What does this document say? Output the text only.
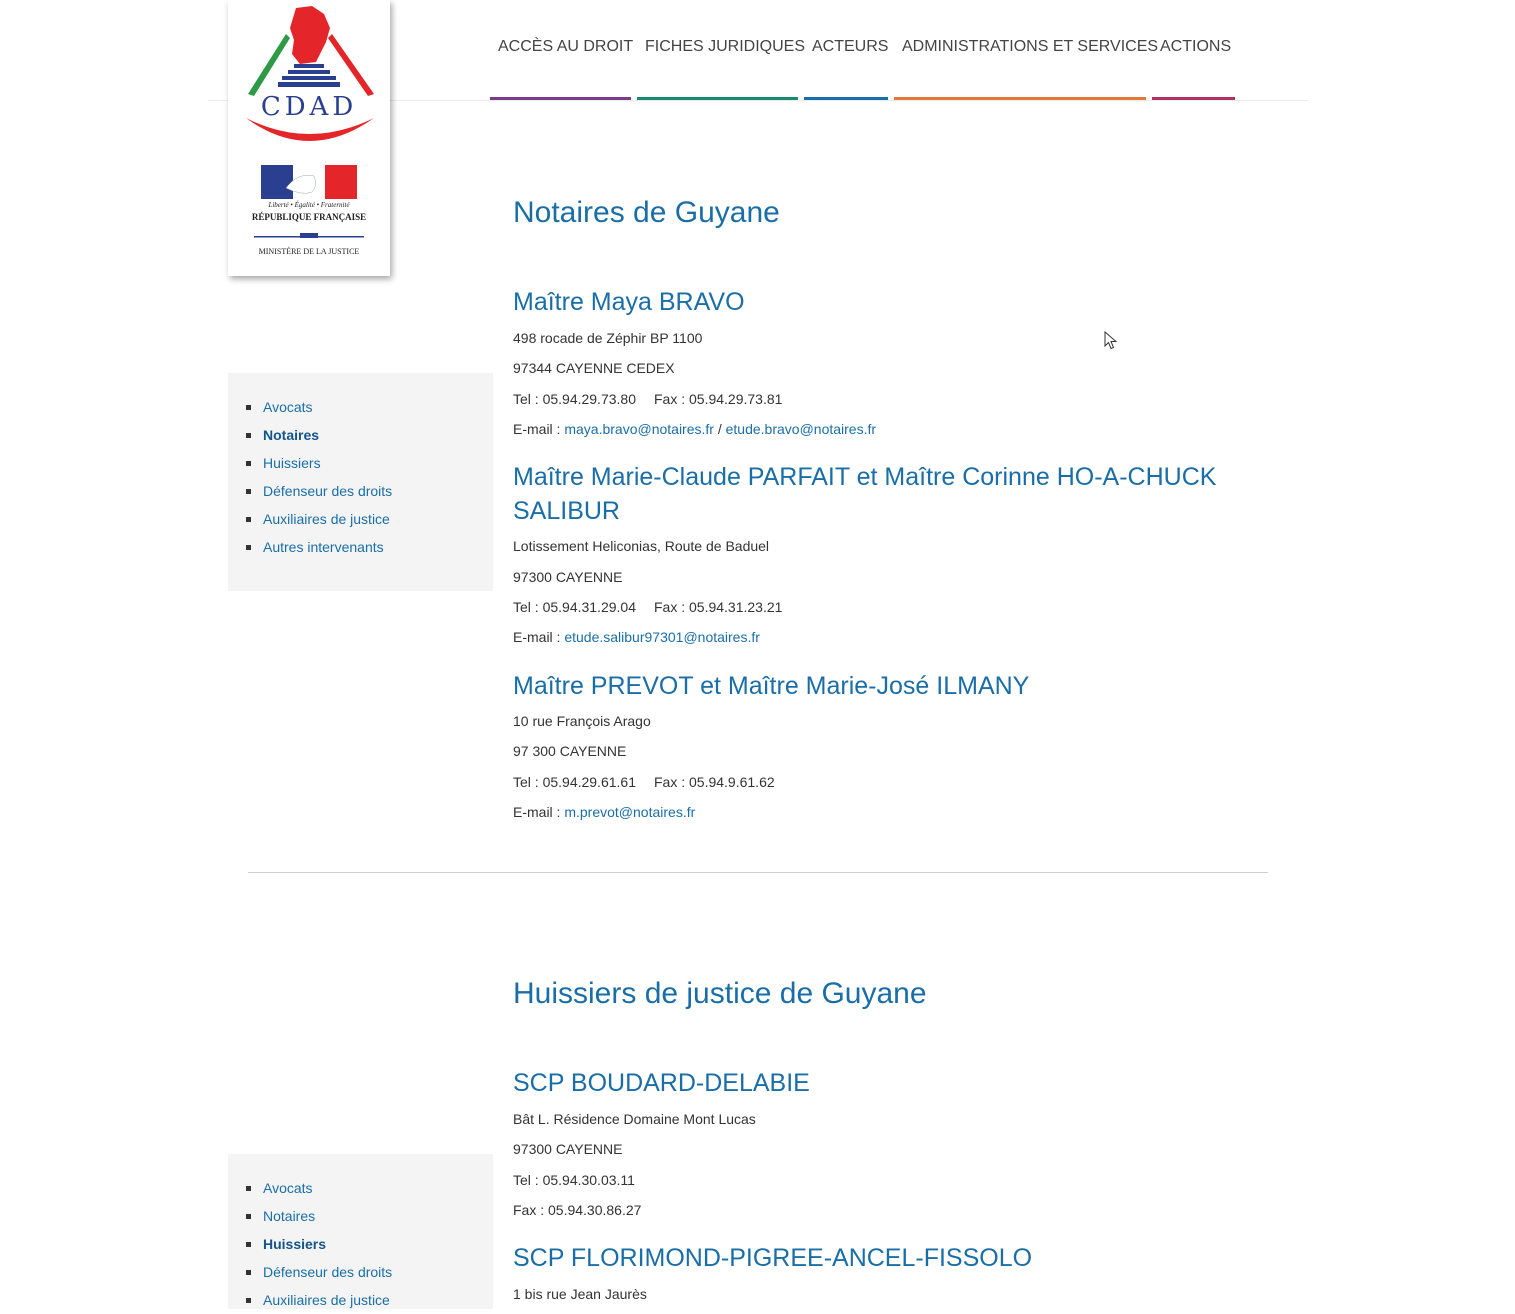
CDAD
Liberté • Égalité • Fraternité
RÉPUBLIQUE FRANÇAISE
MINISTÈRE DE LA JUSTICE
ACCÈS AU DROIT FICHES JURIDIQUES ACTEURS ADMINISTRATIONS ET SERVICES ACTIONS
Avocats
Notaires
Huissiers
Défenseur des droits
Auxiliaires de justice
Autres intervenants
Avocats
Notaires
Huissiers
Défenseur des droits
Auxiliaires de justice
Notaires de Guyane
Maître Maya BRAVO

498 rocade de Zéphir BP 1100

97344 CAYENNE CEDEX

Tel : 05.94.29.73.80 Fax : 05.94.29.73.81

E-mail : maya.bravo@notaires.fr / etude.bravo@notaires.fr

Maître Marie-Claude PARFAIT et Maître Corinne HO-A-CHUCK SALIBUR

Lotissement Heliconias, Route de Baduel

97300 CAYENNE

Tel : 05.94.31.29.04 Fax : 05.94.31.23.21

E-mail : etude.salibur97301@notaires.fr

Maître PREVOT et Maître Marie-José ILMANY

10 rue François Arago

97 300 CAYENNE

Tel : 05.94.29.61.61 Fax : 05.94.9.61.62

E-mail : m.prevot@notaires.fr

Huissiers de justice de Guyane
SCP BOUDARD-DELABIE

Bât L. Résidence Domaine Mont Lucas

97300 CAYENNE

Tel : 05.94.30.03.11

Fax : 05.94.30.86.27

SCP FLORIMOND-PIGREE-ANCEL-FISSOLO

1 bis rue Jean Jaurès
